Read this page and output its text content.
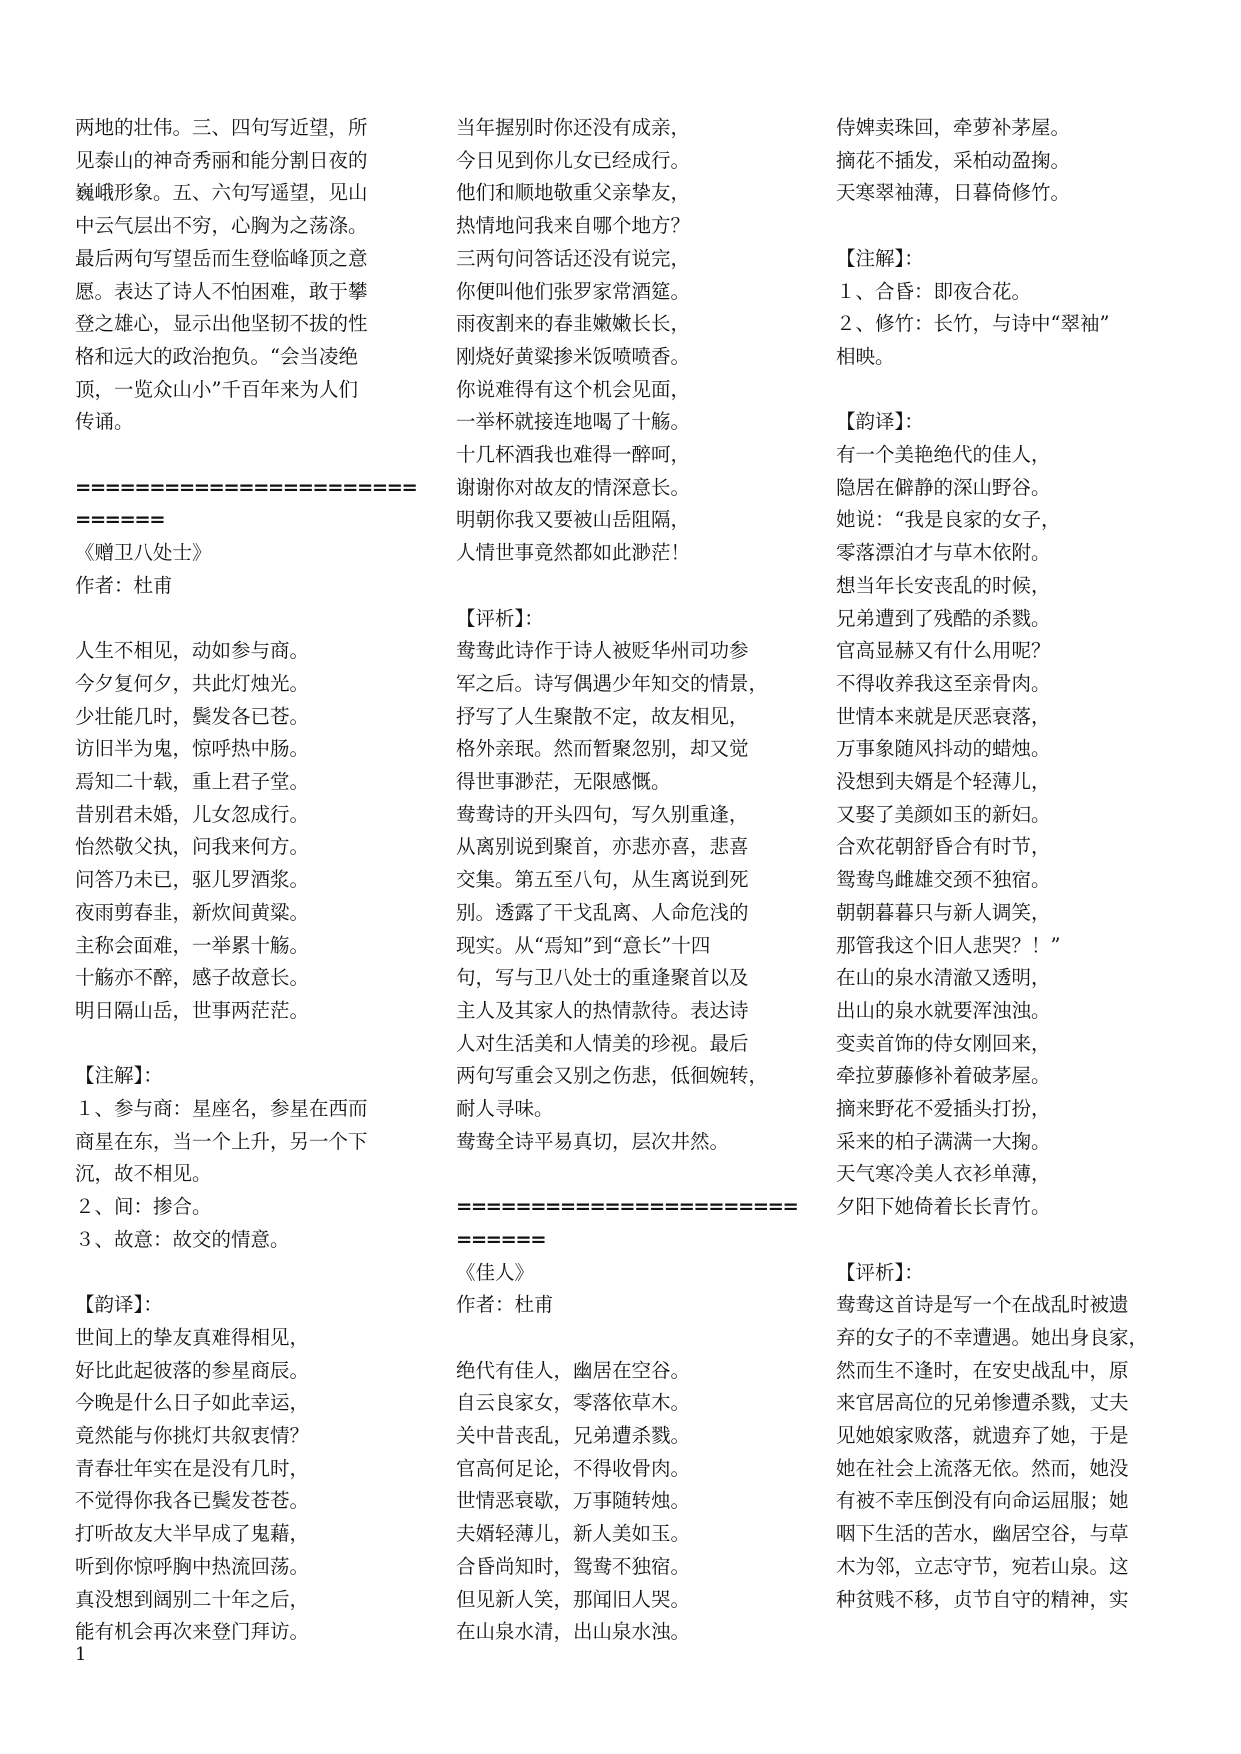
两地的壮伟。三、四句写近望，所
见泰山的神奇秀丽和能分割日夜的
巍峨形象。五、六句写遥望，见山
中云气层出不穷，心胸为之荡涤。
最后两句写望岳而生登临峰顶之意
愿。表达了诗人不怕困难，敢于攀
登之雄心，显示出他坚韧不拔的性
格和远大的政治抱负。“会当凌绝
顶，一览众山小”千百年来为人们
传诵。
=============================
《赠卫八处士》
作者：杜甫
人生不相见，动如参与商。
今夕复何夕，共此灯烛光。
少壮能几时，鬓发各已苍。
访旧半为鬼，惊呼热中肠。
焉知二十载，重上君子堂。
昔别君未婚，儿女忽成行。
怡然敬父执，问我来何方。
问答乃未已，驱儿罗酒浆。
夜雨剪春韭，新炊间黄粱。
主称会面难，一举累十觞。
十觞亦不醉，感子故意长。
明日隔山岳，世事两茫茫。
【注解】：
１、参与商：星座名，参星在西而
商星在东，当一个上升，另一个下
沉，故不相见。
２、间：掺合。
３、故意：故交的情意。
【韵译】：
世间上的挚友真难得相见，
好比此起彼落的参星商辰。
今晚是什么日子如此幸运，
竟然能与你挑灯共叙衷情？
青春壮年实在是没有几时，
不觉得你我各已鬓发苍苍。
打听故友大半早成了鬼藉，
听到你惊呼胸中热流回荡。
真没想到阔别二十年之后，
能有机会再次来登门拜访。
当年握别时你还没有成亲，
今日见到你儿女已经成行。
他们和顺地敬重父亲挚友，
热情地问我来自哪个地方？
三两句问答话还没有说完，
你便叫他们张罗家常酒筵。
雨夜割来的春韭嫩嫩长长，
刚烧好黄粱掺米饭喷喷香。
你说难得有这个机会见面，
一举杯就接连地喝了十觞。
十几杯酒我也难得一醉呵，
谢谢你对故友的情深意长。
明朝你我又要被山岳阻隔，
人情世事竟然都如此渺茫！
【评析】：
鸯鸯此诗作于诗人被贬华州司功参
军之后。诗写偶遇少年知交的情景，
抒写了人生聚散不定，故友相见，
格外亲珉。然而暂聚忽别，却又觉
得世事渺茫，无限感慨。
鸯鸯诗的开头四句，写久别重逢，
从离别说到聚首，亦悲亦喜，悲喜
交集。第五至八句，从生离说到死
别。透露了干戈乱离、人命危浅的
现实。从“焉知”到“意长”十四
句，写与卫八处士的重逢聚首以及
主人及其家人的热情款待。表达诗
人对生活美和人情美的珍视。最后
两句写重会又别之伤悲，低徊婉转，
耐人寻味。
鸯鸯全诗平易真切，层次井然。
=============================
《佳人》
作者：杜甫
绝代有佳人，幽居在空谷。
自云良家女，零落依草木。
关中昔丧乱，兄弟遭杀戮。
官高何足论，不得收骨肉。
世情恶衰歇，万事随转烛。
夫婿轻薄儿，新人美如玉。
合昏尚知时，鸳鸯不独宿。
但见新人笑，那闻旧人哭。
在山泉水清，出山泉水浊。
侍婢卖珠回，牵萝补茅屋。
摘花不插发，采柏动盈掬。
天寒翠袖薄，日暮倚修竹。
【注解】：
１、合昏：即夜合花。
２、修竹：长竹，与诗中“翠袖”
相映。
【韵译】：
有一个美艳绝代的佳人，
隐居在僻静的深山野谷。
她说：“我是良家的女子，
零落漂泊才与草木依附。
想当年长安丧乱的时候，
兄弟遭到了残酷的杀戮。
官高显赫又有什么用呢？
不得收养我这至亲骨肉。
世情本来就是厌恶衰落，
万事象随风抖动的蜡烛。
没想到夫婿是个轻薄儿，
又娶了美颜如玉的新妇。
合欢花朝舒昏合有时节，
鸳鸯鸟雌雄交颈不独宿。
朝朝暮暮只与新人调笑，
那管我这个旧人悲哭？！”
在山的泉水清澈又透明，
出山的泉水就要浑浊浊。
变卖首饰的侍女刚回来，
牵拉萝藤修补着破茅屋。
摘来野花不爱插头打扮，
采来的柏子满满一大掬。
天气寒冷美人衣衫单薄，
夕阳下她倚着长长青竹。
【评析】：
鸯鸯这首诗是写一个在战乱时被遗
弃的女子的不幸遭遇。她出身良家，
然而生不逢时，在安史战乱中，原
来官居高位的兄弟惨遭杀戮，丈夫
见她娘家败落，就遗弃了她，于是
她在社会上流落无依。然而，她没
有被不幸压倒没有向命运屈服；她
咽下生活的苦水，幽居空谷，与草
木为邻，立志守节，宛若山泉。这
种贫贱不移，贞节自守的精神，实
1
